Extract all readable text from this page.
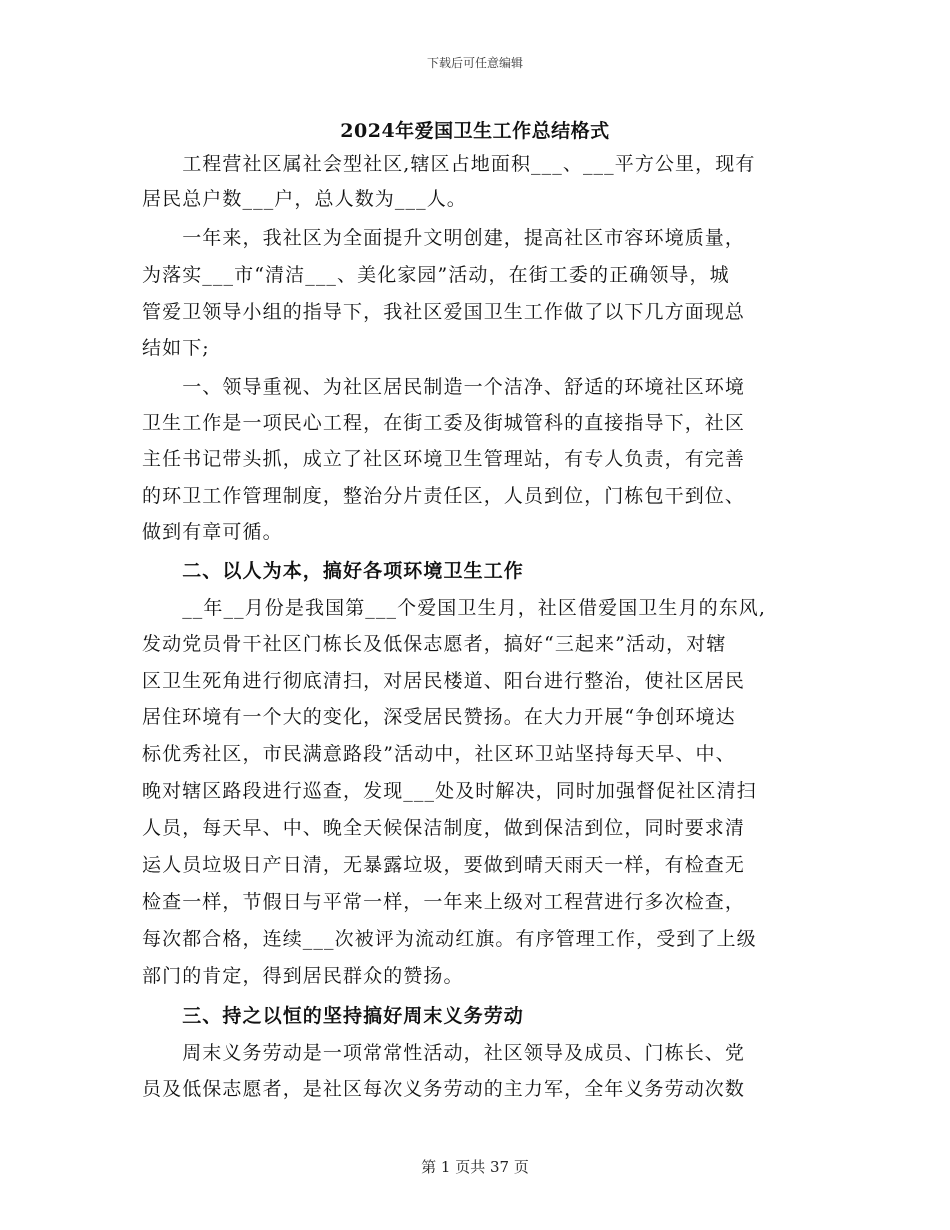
下载后可任意编辑
2024年爱国卫生工作总结格式
　　工程营社区属社会型社区,辖区占地面积___、___平方公里，现有
居民总户数___户，总人数为___人。
　　一年来，我社区为全面提升文明创建，提高社区市容环境质量，
为落实___市“清洁___、美化家园”活动，在街工委的正确领导，城
管爱卫领导小组的指导下，我社区爱国卫生工作做了以下几方面现总
结如下;
　　一、领导重视、为社区居民制造一个洁净、舒适的环境社区环境
卫生工作是一项民心工程，在街工委及街城管科的直接指导下，社区
主任书记带头抓，成立了社区环境卫生管理站，有专人负责，有完善
的环卫工作管理制度，整治分片责任区，人员到位，门栋包干到位、
做到有章可循。
　　二、以人为本，搞好各项环境卫生工作
　　__年__月份是我国第___个爱国卫生月，社区借爱国卫生月的东风,
发动党员骨干社区门栋长及低保志愿者，搞好“三起来”活动，对辖
区卫生死角进行彻底清扫，对居民楼道、阳台进行整治，使社区居民
居住环境有一个大的变化，深受居民赞扬。在大力开展“争创环境达
标优秀社区，市民满意路段”活动中，社区环卫站坚持每天早、中、
晚对辖区路段进行巡查，发现___处及时解决，同时加强督促社区清扫
人员，每天早、中、晚全天候保洁制度，做到保洁到位，同时要求清
运人员垃圾日产日清，无暴露垃圾，要做到晴天雨天一样，有检查无
检查一样，节假日与平常一样，一年来上级对工程营进行多次检查，
每次都合格，连续___次被评为流动红旗。有序管理工作，受到了上级
部门的肯定，得到居民群众的赞扬。
　　三、持之以恒的坚持搞好周末义务劳动
　　周末义务劳动是一项常常性活动，社区领导及成员、门栋长、党
员及低保志愿者，是社区每次义务劳动的主力军，全年义务劳动次数
第 1 页共 37 页
